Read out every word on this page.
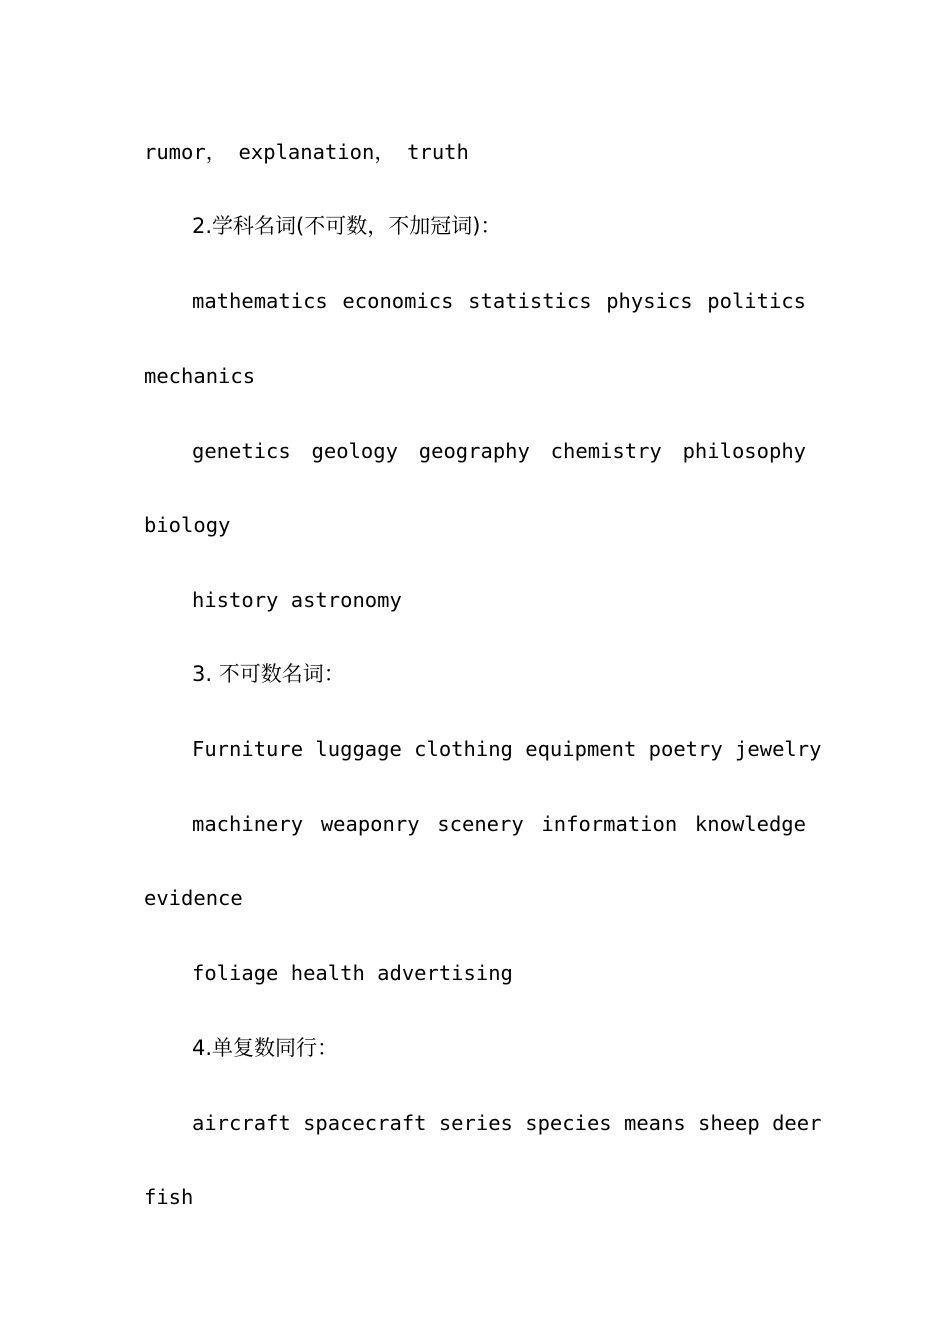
rumor， explanation， truth

2.学科名词(不可数，不加冠词)：

mathematics economics statistics physics politics

mechanics

genetics geology geography chemistry philosophy

biology

history astronomy

3. 不可数名词：

Furniture luggage clothing equipment poetry jewelry

machinery weaponry scenery information knowledge

evidence

foliage health advertising

4.单复数同行：

aircraft spacecraft series species means sheep deer

fish
